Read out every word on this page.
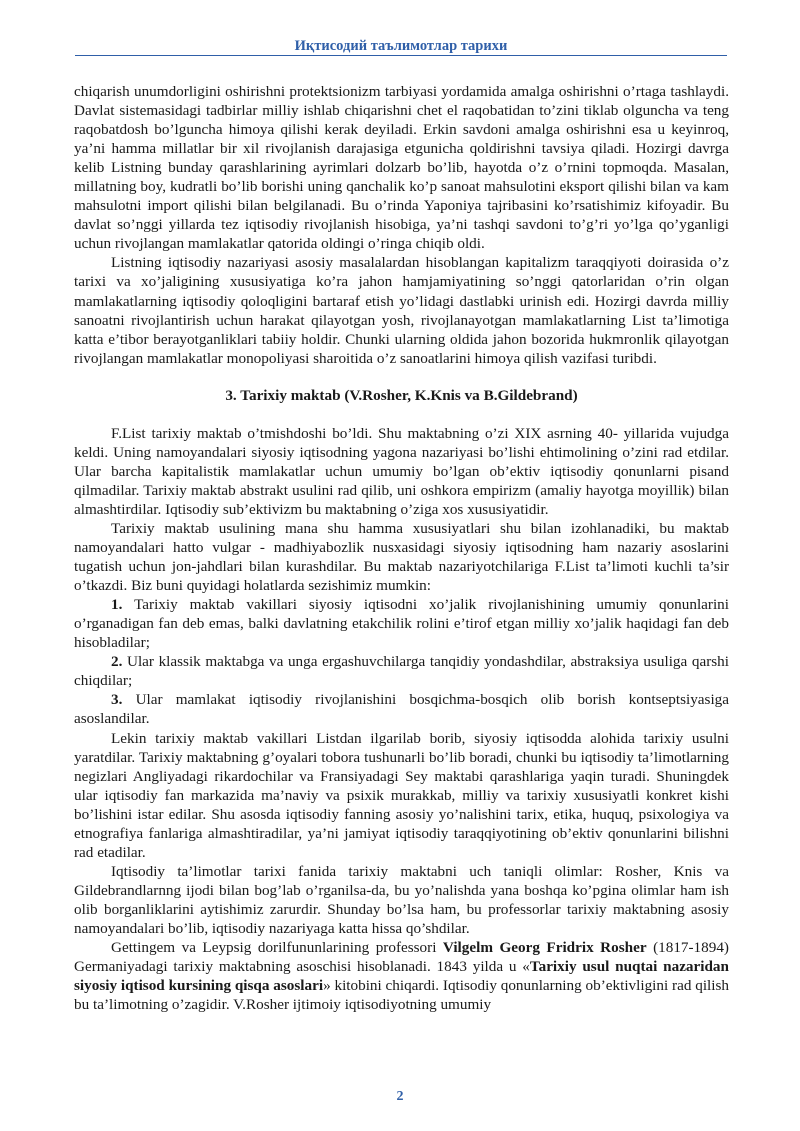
Иқтисодий таълимотлар тарихи

chiqarish unumdorligini oshirishni protektsionizm tarbiyasi yordamida amalga oshirishni o’rtaga tashlaydi. Davlat sistemasidagi tadbirlar milliy ishlab chiqarishni chet el raqobatidan to’zini tiklab olguncha va teng raqobatdosh bo’lguncha himoya qilishi kerak deyiladi. Erkin savdoni amalga oshirishni esa u keyinroq, ya’ni hamma millatlar bir xil rivojlanish darajasiga etgunicha qoldirishni tavsiya qiladi. Hozirgi davrga kelib Listning bunday qarashlarining ayrimlari dolzarb bo’lib, hayotda o’z o’rnini topmoqda. Masalan, millatning boy, kudratli bo’lib borishi uning qanchalik ko’p sanoat mahsulotini eksport qilishi bilan va kam mahsulotni import qilishi bilan belgilanadi. Bu o’rinda Yaponiya tajribasini ko’rsatishimiz kifoyadir. Bu davlat so’nggi yillarda tez iqtisodiy rivojlanish hisobiga, ya’ni tashqi savdoni to’g’ri yo’lga qo’yganligi uchun rivojlangan mamlakatlar qatorida oldingi o’ringa chiqib oldi.

Listning iqtisodiy nazariyasi asosiy masalalardan hisoblangan kapitalizm taraqqiyoti doirasida o’z tarixi va xo’jaligining xususiyatiga ko’ra jahon hamjamiyatining so’nggi qatorlaridan o’rin olgan mamlakatlarning iqtisodiy qoloqligini bartaraf etish yo’lidagi dastlabki urinish edi. Hozirgi davrda milliy sanoatni rivojlantirish uchun harakat qilayotgan yosh, rivojlanayotgan mamlakatlarning List ta’limotiga katta e’tibor berayotganliklari tabiiy holdir. Chunki ularning oldida jahon bozorida hukmronlik qilayotgan rivojlangan mamlakatlar monopoliyasi sharoitida o’z sanoatlarini himoya qilish vazifasi turibdi.

3. Tarixiy maktab (V.Rosher, K.Knis va B.Gildebrand)

F.List tarixiy maktab o’tmishdoshi bo’ldi. Shu maktabning o’zi XIX asrning 40- yillarida vujudga keldi. Uning namoyandalari siyosiy iqtisodning yagona nazariyasi bo’lishi ehtimolining o’zini rad etdilar. Ular barcha kapitalistik mamlakatlar uchun umumiy bo’lgan ob’ektiv iqtisodiy qonunlarni pisand qilmadilar. Tarixiy maktab abstrakt usulini rad qilib, uni oshkora empirizm (amaliy hayotga moyillik) bilan almashtirdilar. Iqtisodiy sub’ektivizm bu maktabning o’ziga xos xususiyatidir.

Tarixiy maktab usulining mana shu hamma xususiyatlari shu bilan izohlanadiki, bu maktab namoyandalari hatto vulgar - madhiyabozlik nusxasidagi siyosiy iqtisodning ham nazariy asoslarini tugatish uchun jon-jahdlari bilan kurashdilar. Bu maktab nazariyotchilariga F.List ta’limoti kuchli ta’sir o’tkazdi. Biz buni quyidagi holatlarda sezishimiz mumkin:

1. Tarixiy maktab vakillari siyosiy iqtisodni xo’jalik rivojlanishining umumiy qonunlarini o’rganadigan fan deb emas, balki davlatning etakchilik rolini e’tirof etgan milliy xo’jalik haqidagi fan deb hisobladilar;

2. Ular klassik maktabga va unga ergashuvchilarga tanqidiy yondashdilar, abstraksiya usuliga qarshi chiqdilar;

3. Ular mamlakat iqtisodiy rivojlanishini bosqichma-bosqich olib borish kontseptsiyasiga asoslandilar.

Lekin tarixiy maktab vakillari Listdan ilgarilab borib, siyosiy iqtisodda alohida tarixiy usulni yaratdilar. Tarixiy maktabning g’oyalari tobora tushunarli bo’lib boradi, chunki bu iqtisodiy ta’limotlarning negizlari Angliyadagi rikardochilar va Fransiyadagi Sey maktabi qarashlariga yaqin turadi. Shuningdek ular iqtisodiy fan markazida ma’naviy va psixik murakkab, milliy va tarixiy xususiyatli konkret kishi bo’lishini istar edilar. Shu asosda iqtisodiy fanning asosiy yo’nalishini tarix, etika, huquq, psixologiya va etnografiya fanlariga almashtiradilar, ya’ni jamiyat iqtisodiy taraqqiyotining ob’ektiv qonunlarini bilishni rad etadilar.

Iqtisodiy ta’limotlar tarixi fanida tarixiy maktabni uch taniqli olimlar: Rosher, Knis va Gildebrandlarnng ijodi bilan bog’lab o’rganilsa-da, bu yo’nalishda yana boshqa ko’pgina olimlar ham ish olib borganliklarini aytishimiz zarurdir. Shunday bo’lsa ham, bu professorlar tarixiy maktabning asosiy namoyandalari bo’lib, iqtisodiy nazariyaga katta hissa qo’shdilar.

Gettingem va Leypsig dorilfununlarining professori Vilgelm Georg Fridrix Rosher (1817-1894) Germaniyadagi tarixiy maktabning asoschisi hisoblanadi. 1843 yilda u «Tarixiy usul nuqtai nazaridan siyosiy iqtisod kursining qisqa asoslari» kitobini chiqardi. Iqtisodiy qonunlarning ob’ektivligini rad qilish bu ta’limotning o’zagidir. V.Rosher ijtimoiy iqtisodiyotning umumiy

2
